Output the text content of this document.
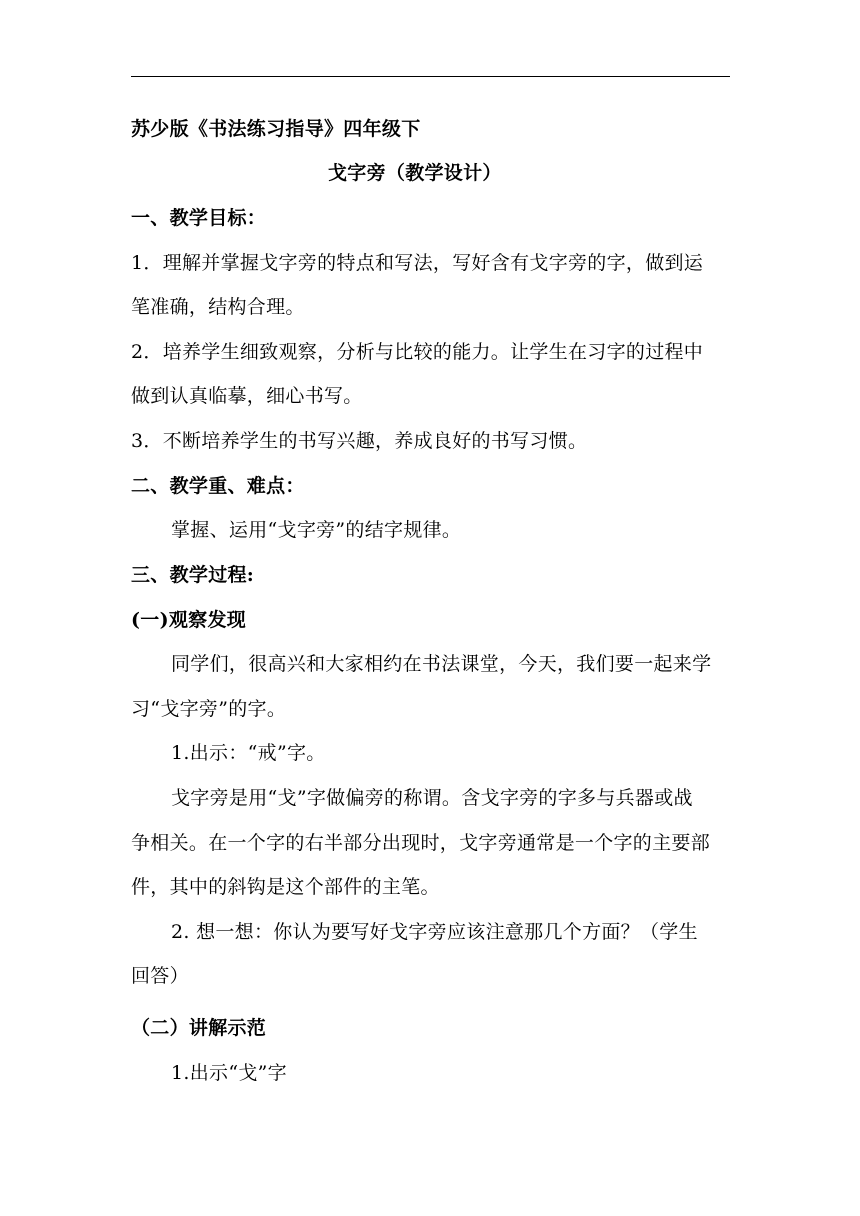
苏少版《书法练习指导》四年级下
戈字旁（教学设计）
一、教学目标：
1．理解并掌握戈字旁的特点和写法，写好含有戈字旁的字，做到运
笔准确，结构合理。
2．培养学生细致观察，分析与比较的能力。让学生在习字的过程中
做到认真临摹，细心书写。
3．不断培养学生的书写兴趣，养成良好的书写习惯。
二、教学重、难点：
掌握、运用“戈字旁”的结字规律。
三、教学过程:
(一)观察发现
同学们，很高兴和大家相约在书法课堂，今天，我们要一起来学
习“戈字旁”的字。
1.出示：“戒”字。
戈字旁是用“戈”字做偏旁的称谓。含戈字旁的字多与兵器或战
争相关。在一个字的右半部分出现时，戈字旁通常是一个字的主要部
件，其中的斜钩是这个部件的主笔。
2. 想一想：你认为要写好戈字旁应该注意那几个方面？（学生
回答）
（二）讲解示范
1.出示“戈”字
